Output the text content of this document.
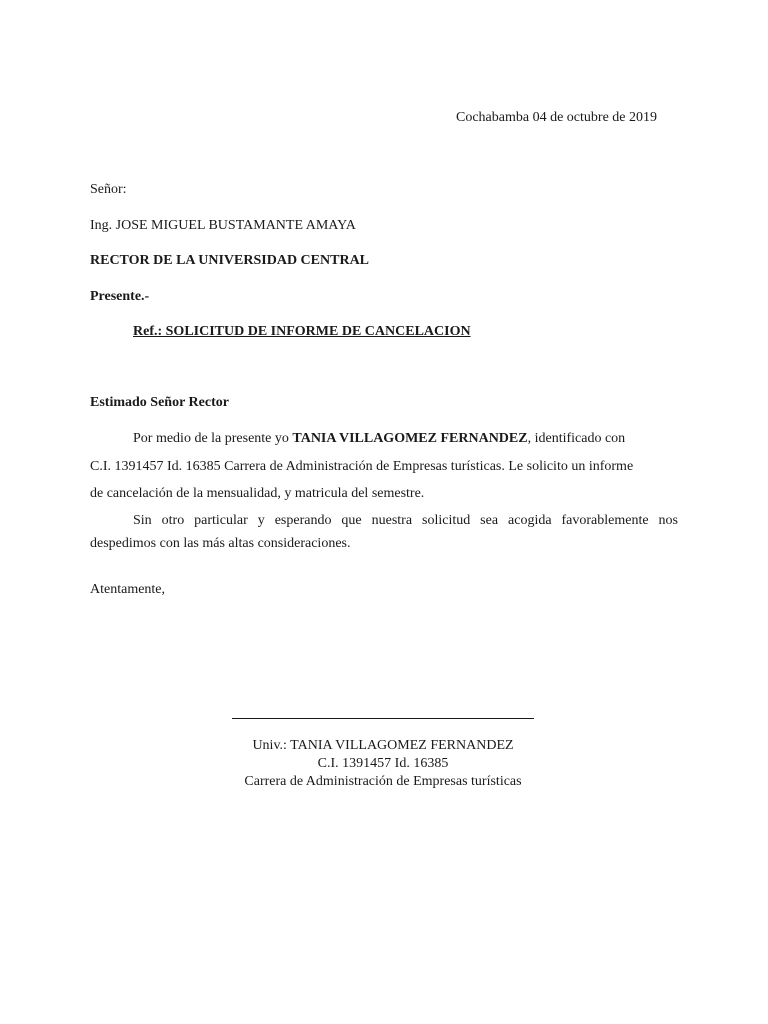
Cochabamba 04 de octubre de 2019
Señor:
Ing. JOSE MIGUEL BUSTAMANTE AMAYA
RECTOR DE LA UNIVERSIDAD CENTRAL
Presente.-
Ref.: SOLICITUD DE INFORME DE CANCELACION
Estimado Señor Rector
Por medio de la presente yo TANIA VILLAGOMEZ FERNANDEZ, identificado con
C.I. 1391457 Id. 16385 Carrera de Administración de Empresas turísticas. Le solicito un informe
de cancelación de la mensualidad, y matricula del semestre.
Sin otro particular y esperando que nuestra solicitud sea acogida favorablemente nos
despedimos con las más altas consideraciones.
Atentamente,
Univ.: TANIA VILLAGOMEZ FERNANDEZ
C.I. 1391457 Id. 16385
Carrera de Administración de Empresas turísticas
